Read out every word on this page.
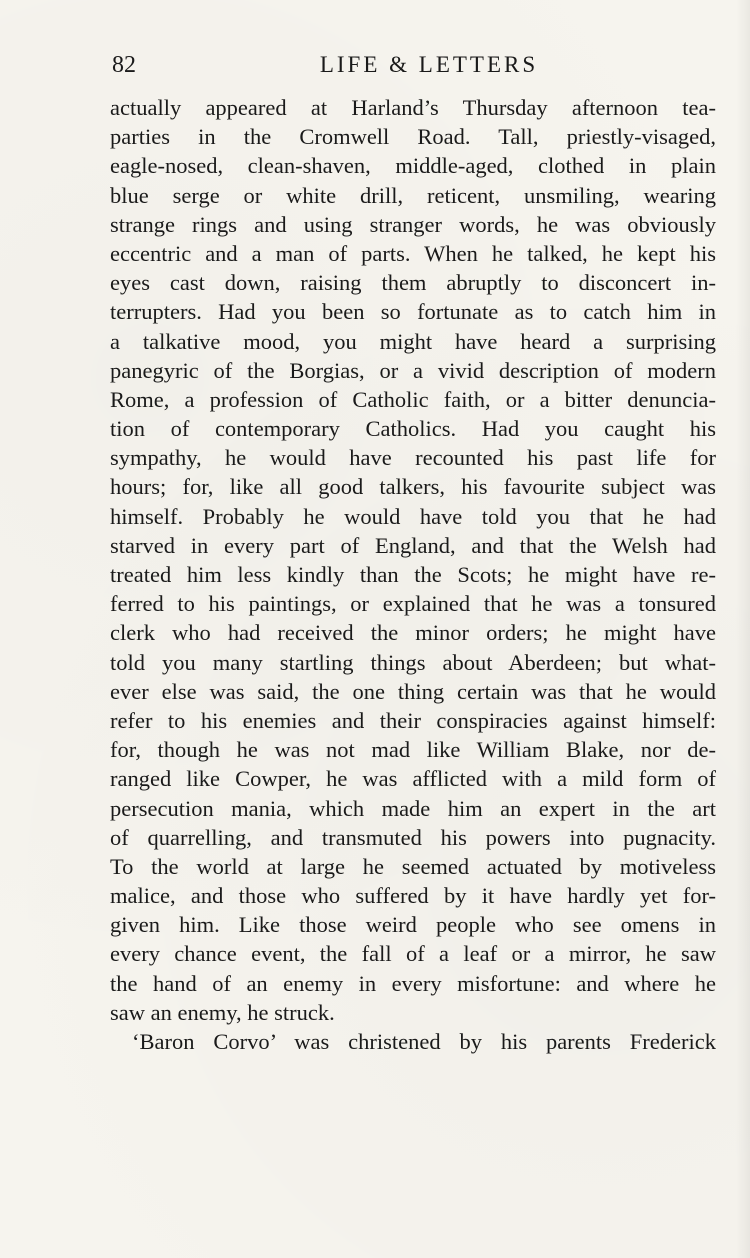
82	LIFE & LETTERS
actually appeared at Harland’s Thursday afternoon tea-
parties in the Cromwell Road. Tall, priestly-visaged,
eagle-nosed, clean-shaven, middle-aged, clothed in plain
blue serge or white drill, reticent, unsmiling, wearing
strange rings and using stranger words, he was obviously
eccentric and a man of parts. When he talked, he kept his
eyes cast down, raising them abruptly to disconcert in-
terrupters. Had you been so fortunate as to catch him in
a talkative mood, you might have heard a surprising
panegyric of the Borgias, or a vivid description of modern
Rome, a profession of Catholic faith, or a bitter denuncia-
tion of contemporary Catholics. Had you caught his
sympathy, he would have recounted his past life for
hours; for, like all good talkers, his favourite subject was
himself. Probably he would have told you that he had
starved in every part of England, and that the Welsh had
treated him less kindly than the Scots; he might have re-
ferred to his paintings, or explained that he was a tonsured
clerk who had received the minor orders; he might have
told you many startling things about Aberdeen; but what-
ever else was said, the one thing certain was that he would
refer to his enemies and their conspiracies against himself:
for, though he was not mad like William Blake, nor de-
ranged like Cowper, he was afflicted with a mild form of
persecution mania, which made him an expert in the art
of quarrelling, and transmuted his powers into pugnacity.
To the world at large he seemed actuated by motiveless
malice, and those who suffered by it have hardly yet for-
given him. Like those weird people who see omens in
every chance event, the fall of a leaf or a mirror, he saw
the hand of an enemy in every misfortune: and where he
saw an enemy, he struck.
‘Baron Corvo’ was christened by his parents Frederick
